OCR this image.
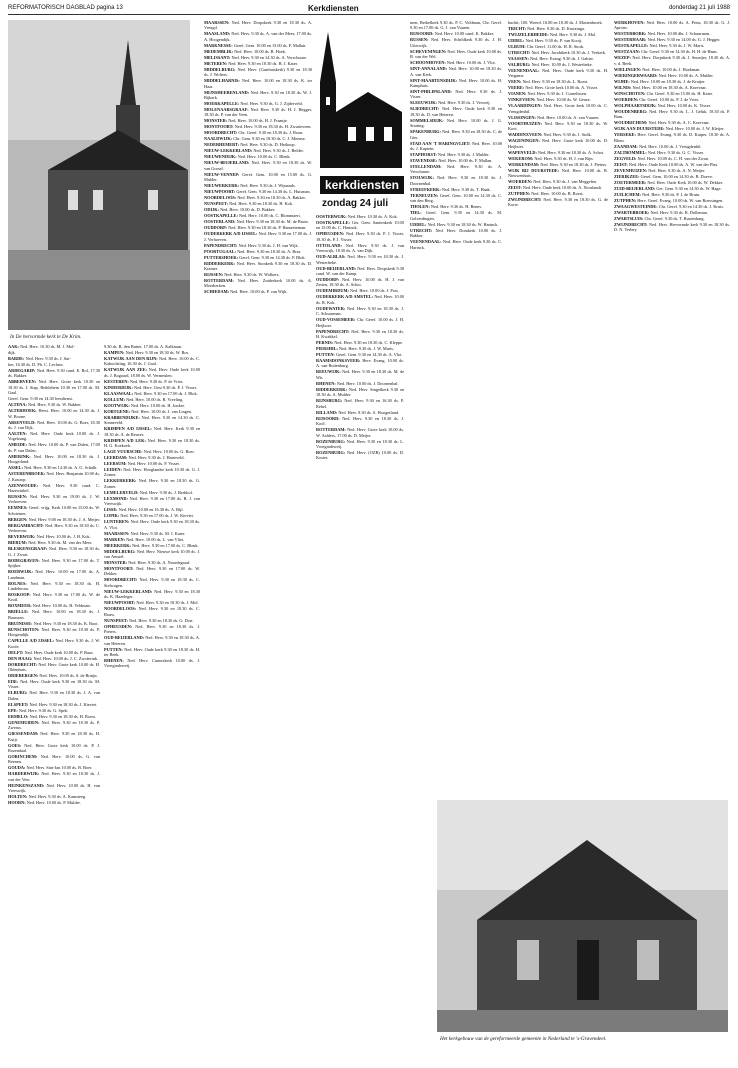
REFORMATORISCH DAGBLAD pagina 13	Kerkdiensten	donderdag 21 juli 1988
In De hervormde kerk te De Krim.
kerkdiensten
zondag 24 juli
Het kerkgebouw van de gereformeerde gemeente in Nederland te 's-Gravendeel.

AAK: Ned. Herv. 10.30 ds. M. J. Mol-

dijk.

BARDE: Ned. Herv. 9.30 ds. J. Sui-

ker, 16.30 ds. D. Ph. C. Lecluse.

ARDEGARIP: Ned. Herv. 9.30 cand. E. Rol, 17.30 ds. Bakker.

ABBERVEEN: Ned. Herv. Grote kerk 10.30 en 18.30 ds. J. Stap. Bethlehem 10.30 en 17.00 ds. M. Gaal.

Geref. Gem. 9.30 en 14.30 leesdienst.

ALTENA: Ned. Herv. 9.30 ds. W. Bakker.

ALTERHOEK: Herst. Herv. 10.00 en 14.30 ds. J. W. Boone.

ABSENVELD: Ned. Herv. 10.00 ds. G. Boer, 18.30 ds. J. van Dijk.

AALTEN: Ned. Herv. Oude kerk 10.00 ds. J. Vogelzang.

AMEIDE: Ned. Herv. 10.00 ds. P. van Dalen, 17.00 ds. P. van Dalen.

AMERINK: Ned. Herv. 10.00 en 18.30 ds. J. Hoogerland.

ASSEL: Ned. Herv. 9.30 en 14.30 ds. A. G. Schalk.

ASTERENBROEK: Ned. Herv. Benjamin 10.00 ds. J. Kastrop.

AZENWOUDE: Ned. Herv. 9.30 cand. C. Hazewinkel.

RIJSSEN: Ned. Herv. 9.30 en 19.00 ds. J. W. Verhoeven.

EEMNES: Geref. vrijg. Kerk 10.00 en 15.00 ds. W. Schriemer.

BERGEN: Ned. Herv. 9.00 en 18.30 ds. J. A. Meijer.

BERGAMBACHT: Ned. Herv. 9.30 en 18.30 ds. C. Verhoeven.

BEVERWIJK: Ned. Herv. 10.00 ds. J. H. Kok.

BIERUM: Ned. Herv. 9.30 ds. M. van der Meer.

BLESKENSGRAAF: Ned. Herv. 9.30 en 18.30 ds. G. J. Zwart.

BODEGRAVEN: Ned. Herv. 9.30 en 17.00 ds. T. Spijker.

BOERWIJK: Ned. Herv. 10.00 en 17.00 ds. A. Landman.

BOLNES: Ned. Herv. 9.30 en 18.30 ds. H. Lindeboom.

BOSKOOP: Ned. Herv. 9.30 en 17.00 ds. W. de Kruif.

BOXMEER: Ned. Herv. 10.00 ds. H. Veldman.

BRIELLE: Ned. Herv. 10.00 en 18.30 ds. J. Baarssen.

BRUINISSE: Ned. Herv. 9.30 en 18.30 ds. K. Boot.

BUNSCHOTEN: Ned. Herv. 9.30 en 18.30 ds. P. Hoogendijk.

CAPELLE A/D IJSSEL: Ned. Herv. 9.30 ds. J. W. Koole.

DELFT: Ned. Herv. Oude kerk 10.00 ds. P. Baas.

DEN HAAG: Ned. Herv. 10.00 ds. J. C. Zwoferink.

DORDRECHT: Ned. Herv. Grote kerk 10.00 ds. H. Oldenhuis.

DRIEBERGEN: Ned. Herv. 10.00 ds. S. de Bruijn.

EDE: Ned. Herv. Oude kerk 9.30 en 18.30 ds. M. Visser.

ELBURG: Ned. Herv. 9.30 en 18.30 ds. J. A. van Dalen.

ELSPEET: Ned. Herv. 9.30 en 18.30 ds. J. Kieviet.

EPE: Ned. Herv. 9.30 ds. G. Spek.

ERMELO: Ned. Herv. 9.30 en 18.30 ds. H. Roest.

GENEMUIDEN: Ned. Herv. 9.30 en 18.30 ds. P. Zwerus.

GIESSENDAM: Ned. Herv. 9.30 en 18.30 ds. H. Kuijt.

GOES: Ned. Herv. Grote kerk 10.00 ds. P. J. Rozendaal.

GORINCHEM: Ned. Herv. 10.00 ds. G. van Reenen.

GOUDA: Ned. Herv. Sint-Jan 10.00 ds. B. Boer.

HARDERWIJK: Ned. Herv. 9.30 en 18.30 ds. J. van der Veer.

HEINKENSZAND: Ned. Herv. 10.00 ds. H. van Vreeswijk.

HOLTEN: Ned. Herv. 9.30 ds. A. Kamsteeg.

HOORN: Ned. Herv. 10.00 ds. P. Mulder.

9.30 ds. B. den Butter, 17.00 ds. A. Kalkman.

KAMPEN: Ned. Herv. 9.30 en 18.30 ds. W. Bos.

KATWIJK AAN DEN RIJN: Ned. Herv. 10.00 ds. C. Kaboolsting, 16.30 ds. J. Gaal.

KATWIJK AAN ZEE: Ned. Herv. Oude kerk 10.00 ds. J. Bogaard, 18.00 ds. W. Vermeulen.

KESTEREN: Ned. Herv. 9.30 ds. P. de Vries.

KINDERDIJK: Ned. Herv. Oost 9.30 ds. P. J. Visser.

KLAASWAAL: Ned. Herv. 9.30 en 17.00 ds. J. Blok.

KOLLUM: Ned. Herv. 10.00 ds. R. Vreeling.

KOOTWIJK: Ned. Herv. 10.00 ds. H. Jonker.

KORTGENE: Ned. Herv. 10.00 ds. J. van Lingen.

KRABBENDIJKE: Ned. Herv. 9.30 en 14.30 ds. C. Sonneveld.

KRIMPEN A/D IJSSEL: Ned. Herv. Kerk 9.30 en 18.30 ds. A. de Reuver.

KRIMPEN A/D LEK: Ned. Herv. 9.30 en 18.30 ds. H. G. Koekoek.

LAGE VUURSCHE: Ned. Herv. 10.00 ds. G. Boer.

LEERDAM: Ned. Herv. 9.30 ds. J. Harteveld.

LEERSUM: Ned. Herv. 10.00 ds. P. Visser.

LEIDEN: Ned. Herv. Hooglandse kerk 10.30 ds. G. J. Zomer.

LEKKERKERK: Ned. Herv. 9.30 en 18.30 ds. G. Zomer.

LEMELERVELD: Ned. Herv. 9.30 ds. J. Berkhof.

LEXMOND: Ned. Herv. 9.30 en 17.00 ds. B. J. van Vreeswijk.

LISSE: Ned. Herv. 10.00 en 16.30 ds. A. Bijl.

LOPIK: Ned. Herv. 9.30 en 17.00 ds. J. W. Kieviet.

LUNTEREN: Ned. Herv. Oude kerk 9.30 en 18.30 ds. A. Vlot.

MAARSSEN: Ned. Herv. 9.30 ds. M. J. Kater.

MARKEN: Ned. Herv. 10.00 ds. L. van Vliet.

MEERKERK: Ned. Herv. 9.30 en 17.00 ds. C. Blenk.

MIDDELBURG: Ned. Herv. Nieuwe kerk 10.00 ds. J. van Amstel.

MONSTER: Ned. Herv. 9.30 ds. A. Noordegraaf.

MONTFOORT: Ned. Herv. 9.30 en 17.00 ds. W. Dekker.

MOORDRECHT: Ned. Herv. 9.30 en 18.30 ds. C. Stelwagen.

NIEUW-LEKKERLAND: Ned. Herv. 9.30 en 18.30 ds. K. Hazeleger.

NIEUWPOORT: Ned. Herv. 9.30 en 18.30 ds. J. Mol.

NOORDELOOS: Ned. Herv. 9.30 en 18.30 ds. C. Bouw.

NUNSPEET: Ned. Herv. 9.30 en 18.30 ds. G. Dorr.

OPHEUSDEN: Ned. Herv. 9.30 en 18.30 ds. J. Pieters.

OUD-BEIJERLAND: Ned. Herv. 9.30 en 18.30 ds. A. van Heteren.

PUTTEN: Ned. Herv. Oude kerk 9.30 en 18.30 ds. H. ter Beek.

RHENEN: Ned. Herv. Cunerakerk 10.00 ds. J. Vroegindeweij.

MAARSSEN: Ned. Herv. Dorpskerk 9.30 en 18.30 ds. A. Vreugd.

MAASLAND: Ned. Herv. 9.30 ds. A. van der Meer, 17.00 ds. A. Hoogendijk.

MARKNESSE: Geref. Gem. 10.00 en 15.00 ds. F. Mallan.

MEDEMBLIK: Ned. Herv. 10.00 ds. B. Hoek.

MELISSANT: Ned. Herv. 9.30 en 14.30 ds. A. Verschuure.

METEREN: Ned. Herv. 9.30 en 18.30 ds. H. J. Kater.

MIDDELBURG: Ned. Herv. (Gasthuiskerk) 9.30 en 18.30 ds. J. Wolters.

MIDDELHARNIS: Ned. Herv. 10.00 en 18.30 ds. K. ter Haar.

MIJNSHEERENLAND: Ned. Herv. 9.30 en 18.30 ds. W. J. Bijkerk.

MOERKAPELLE: Ned. Herv. 9.30 ds. G. J. Zijderveld.

MOLENAARSGRAAF: Ned. Herv. 9.30 ds. H. J. Hegger, 18.30 ds. P. van der Veen.

MONSTER: Ned. Herv. 10.00 ds. H. J. Fraanje.

MONTFOORT: Ned. Herv. 9.30 en 18.30 ds. H. Zwarteveen.

MOORDRECHT: Chr. Geref. 9.30 en 18.30 ds. J. Boon.

NAALDWIJK: Chr. Gem. 9.30 en 18.30 ds. C. J. Meeuse.

NEDERHEMERT: Ned. Herv. 9.30 ds. D. Heikoop.

NIEUW-LEKKERLAND: Ned. Herv. 9.30 ds. J. Belder.

NIEUWENDIJK: Ned. Herv. 10.00 ds. C. Blenk.

NIEUW-BEIJERLAND: Ned. Herv. 9.30 en 18.30 ds. W. van Gorsel.

NIEUW-VENNEP: Geref. Gem. 10.00 en 15.00 ds. G. Mulder.

NIEUWERKERK: Ned. Herv. 9.30 ds. J. Wijnands.

NIEUWPOORT: Geref. Gem. 9.30 en 14.30 ds. L. Huisman.

NOORDELOOS: Ned. Herv. 9.30 en 18.30 ds. A. Bakker.

NUNSPEET: Ned. Herv. 9.30 en 18.30 ds. H. Kok.

ODIJK: Ned. Herv. 10.00 ds. D. Bakker.

OOSTKAPELLE: Ned. Herv. 10.00 ds. C. Blommaert.

OOSTERLAND: Ned. Herv. 9.30 en 18.30 ds. M. de Bruin.

OUDDORP: Ned. Herv. 9.30 en 18.30 ds. P. Hameeteman.

OUDERKERK A/D IJSSEL: Ned. Herv. 9.30 en 17.00 ds. J. J. Verhoeven.

PAPENDRECHT: Ned. Herv. 9.30 ds. J. H. van Wijk.

POORTUGAAL: Ned. Herv. 9.30 en 18.30 ds. A. Bras.

PUTTERSHOEK: Geref. Gem. 9.30 en 14.30 ds. P. Blok.

RIDDERKERK: Ned. Herv. Sionkerk 9.30 en 18.30 ds. D. Kramer.

RIJSSEN: Ned. Herv. 9.30 ds. W. Wolkers.

ROTTERDAM: Ned. Herv. Zuiderkerk 10.00 ds. A. Moerkerken.

SCHIEDAM: Ned. Herv. 10.00 ds. P. van Wijk.

OOSTERWIJK: Ned. Herv. 10.30 ds. A. Kok.

OOSTKAPELLE: Ger. Gem. Santenkerk 10.00 en 15.00 ds. C. Harinck.

OPHEUSDEN: Ned. Herv. 9.30 ds. P. J. Visser, 18.30 ds. P. J. Visser.

OTTOLAND: Ned. Herv. 9.30 ds. J. van Vreeswijk, 18.30 ds. A. van Dijk.

OUD-ALBLAS: Ned. Herv. 9.30 en 18.30 ds. J. Westerbeke.

OUD-BEIJERLAND: Ned. Herv. Dorpskerk 9.30 cand. W. van der Kamp.

OUDDORP: Ned. Herv. 10.00 ds. H. J. van Zetten, 18.30 ds. A. Schot.

OUDEMIRDUM: Ned. Herv. 10.00 ds. J. Post.

OUDERKERK A/D AMSTEL: Ned. Herv. 10.00 ds. R. Kok.

OUDEWATER: Ned. Herv. 9.30 en 18.30 ds. J. C. Schuurman.

OUD-VOSSEMEER: Chr. Geref. 10.00 ds. J. H. Heijboer.

PAPENDRECHT: Ned. Herv. 9.30 en 18.30 ds. H. Kwakkel.

PERNIS: Ned. Herv. 9.30 en 18.30 ds. C. Kleppe.

PIERSHIL: Ned. Herv. 9.30 ds. J. W. Maris.

PUTTEN: Geref. Gem. 9.30 en 14.30 ds. A. Vlot.

RAAMSDONKSVEER: Herv. Evang. 10.00 ds. A. van Ruitenburg.

REEUWIJK: Ned. Herv. 9.30 en 18.30 ds. M. de Wit.

RHENEN: Ned. Herv. 10.00 ds. J. Doornenbal.

RIDDERKERK: Ned. Herv. Singelkerk 9.30 en 18.30 ds. A. Mulder.

RIJNSBURG: Ned. Herv. 9.30 en 16.30 ds. P. Rebel.

RILLAND: Ned. Herv. 9.30 ds. A. Hoogerland.

RIJSOORD: Ned. Herv. 9.30 en 18.30 ds. J. Kool.

ROTTERDAM: Ned. Herv. Grote kerk 10.00 ds. W. Aalders, 17.00 ds. D. Meijer.

ROZENBURG: Ned. Herv. 9.30 en 18.30 ds. L. Vroegindeweij.

ROZENBURG: Ned. Herv. (OZB) 10.00 ds. D. Koster.

men, Bethelkerk 9.30 ds. P. C. Veldman, Chr. Geref. 9.30 en 17.00 ds. G. J. van Vuuren.

RIJSOORD: Ned. Herv. 10.00 cand. K. Bakker.

RUSSEN: Ned. Herv. Schildkerk 9.30 ds. J. H. Uiterwijk.

SCHEVENINGEN: Ned. Herv. Oude kerk 10.00 ds. B. van der Wel.

SCHOONHOVEN: Ned. Herv. 10.00 ds. J. Vlot.

SINT-ANNALAND: Ned. Herv. 10.00 en 18.30 ds. A. van Kerk.

SINT-MAARTENSDIJK: Ned. Herv. 10.00 ds. H. Kamphuis.

SINT-PHILIPSLAND: Ned. Herv. 9.30 ds. J. Visser.

SLEEUWIJK: Ned. Herv. 9.30 ds. J. Verweij.

SLIEDRECHT: Ned. Herv. Oude kerk 9.30 en 18.30 ds. D. van Heteren.

SOMMELSDIJK: Ned. Herv. 10.00 ds. J. G. Strating.

SPAKENBURG: Ned. Herv. 9.30 en 18.30 ds. C. de Gier.

STAD AAN 'T HARINGVLIET: Ned. Herv. 10.00 ds. J. Kaptein.

STAPHORST: Ned. Herv. 9.30 ds. J. Mulder.

STAVENISSE: Ned. Herv. 10.00 ds. F. Mallan.

STELLENDAM: Ned. Herv. 9.30 ds. A. Verschuure.

STOLWIJK: Ned. Herv. 9.30 en 18.30 ds. J. Doornenbal.

STREEFKERK: Ned. Herv. 9.30 ds. T. Haak.

TERNEUZEN: Geref. Gem. 10.00 en 14.30 ds. C. van den Berg.

THOLEN: Ned. Herv. 9.30 ds. H. Benes.

TIEL: Geref. Gem. 9.30 en 14.30 ds. M. Golverdingen.

UDDEL: Ned. Herv. 9.30 en 18.30 ds. W. Harinck.

UTRECHT: Ned. Herv. Domkerk 10.00 ds. J. Bakker.

VEENENDAAL: Ned. Herv. Oude kerk 9.30 ds. C. Harinck.

hachtt; 100. Woerd. 16.00 en 18.30 ds. J. Mastenbroek.

TRICHT: Ned. Herv. 9.30 ds. D. Kruizinga.

TWIJZELERHEIDE: Ned. Herv. 9.30 ds. J. Mol.

UDDEL: Ned. Herv. 9.30 ds. P. van Kooij.

ULRUM: Chr. Geref. 11.00 ds. H. R. Stork.

UTRECHT: Ned. Herv. Jacobikerk 10.30 ds. J. Verkerk.

VAASSEN: Ned. Herv. Evang. 9.30 ds. J. Gahier.

VALBURG: Ned. Herv. 10.00 ds. J. Westerbeke.

VEENENDAAL: Ned. Herv. Oude kerk 9.30 ds. H. Vergunst.

VEEN: Ned. Herv. 9.30 en 18.30 ds. L. Roest.

VEERE: Ned. Herv. Grote kerk 10.00 ds. A. Visser.

VIANEN: Ned. Herv. 9.30 ds. J. Cornelissen.

VINKEVEEN: Ned. Herv. 10.00 ds. W. Geuze.

VLAARDINGEN: Ned. Herv. Grote kerk 10.00 ds. C. Vreugdenhil.

VLISSINGEN: Ned. Herv. 10.00 ds. A. van Vuuren.

VOORTHUIZEN: Ned. Herv. 9.30 en 18.30 ds. W. Kooi.

WADDINXVEEN: Ned. Herv. 9.30 ds. J. Stolk.

WAGENINGEN: Ned. Herv. Grote kerk 10.00 ds. D. Heijboer.

WAPENVELD: Ned. Herv. 9.30 en 18.30 ds. A. Schot.

WEKEROM: Ned. Herv. 9.30 ds. H. J. van Rijn.

WERKENDAM: Ned. Herv. 9.30 en 18.30 ds. J. Pieters.

WIJK BIJ DUURSTEDE: Ned. Herv. 10.00 ds. R. Nieuwenhuis.

WOERDEN: Ned. Herv. 9.30 ds. J. van Meggelen.

ZEIST: Ned. Herv. Oude kerk 10.00 ds. A. Noorlandt.

ZUTPHEN: Ned. Herv. 10.00 ds. B. Roest.

ZWIJNDRECHT: Ned. Herv. 9.30 en 18.30 ds. G. de Korte.

WERKHOVEN: Ned. Herv. 10.00 ds. A. Prins, 18.30 ds. G. J. Aprons.

WESTERBORK: Ned. Herv. 10.00 dhr. J. Schuurman.

WESTERHAAR: Ned. Herv. 9.30 en 14.00 ds. G. J. Hegger.

WESTKAPELLE: Ned. Herv. 9.30 ds. J. W. Maris.

WESTZAAN: Chr. Geref. 9.30 en 14.30 ds. H. H. de Haan.

WEZEP: Ned. Herv. Dorpskerk 9.30 ds. J. Snoeijer, 18.30 ds. A. v. d. Beek.

WIELINGEN: Ned. Herv. 10.00 ds. J. Hoekman.

WIERINGERWAARD: Ned. Herv. 10.00 ds. A. Mulder.

WIJHE: Ned. Herv. 10.00 en 18.30 ds. J. de Kruijer.

WILNIS: Ned. Herv. 10.00 en 18.30 ds. A. Korevaar.

WINSCHOTEN: Chr. Geref. 9.30 en 15.00 ds. H. Kater.

WOERDEN: Chr. Geref. 10.00 ds. P. J. de Vries.

WOLPHAARTSDIJK: Ned. Herv. 10.00 ds. K. Visser.

WOUDENBERG: Ned. Herv. 9.30 ds. L. J. Geluk, 18.30 ds. P. Baas.

WOUDRICHEM: Ned. Herv. 9.30 ds. A. C. Korevaar.

WIJK AAN DUURSTEDE: Ned. Herv. 10.00 ds. J. W. Kleijer.

YERSEKE: Herv. Geref. Evang. 9.30 ds. D. Kuiper, 18.30 ds. A. Blom.

ZAANDAM: Ned. Herv. 10.00 ds. J. Vreugdenhil.

ZALTBOMMEL: Ned. Herv. 9.30 ds. G. C. Visser.

ZEGVELD: Ned. Herv. 10.00 ds. C. H. van der Zwan.

ZEIST: Ned. Herv. Oude Kerk 10.00 ds. A. W. van der Plas.

ZEVENHUIZEN: Ned. Herv. 9.30 ds. A. N. Meijer.

ZIERIKZEE: Geref. Gem. 10.00 en 14.30 ds. B. Doeve.

ZOETERMEER: Ned. Herv. Oude Kerk 10.00 ds. W. Dekker.

ZUID-BEIJERLAND: Ger. Gem. 9.30 en 14.30 ds. W. Hage.

ZUILICHEM: Ned. Herv. 9.30 ds. P. J. de Bruin.

ZUTPHEN: Herv. Geref. Evang. 10.00 ds. W. van Roessingen.

ZWAAGWESTEINDE: Chr. Geref. 9.30 en 14.30 ds. J. Kruis.

ZWARTEBROEK: Ned. Herv. 9.30 ds. R. Dolleman.

ZWARTSLUIS: Chr. Geref. 9.30 ds. T. Rustenburg.

ZWIJNDRECHT: Ned. Herv. Hervormde kerk 9.30 en 18.30 ds. D. N. Verbey.
